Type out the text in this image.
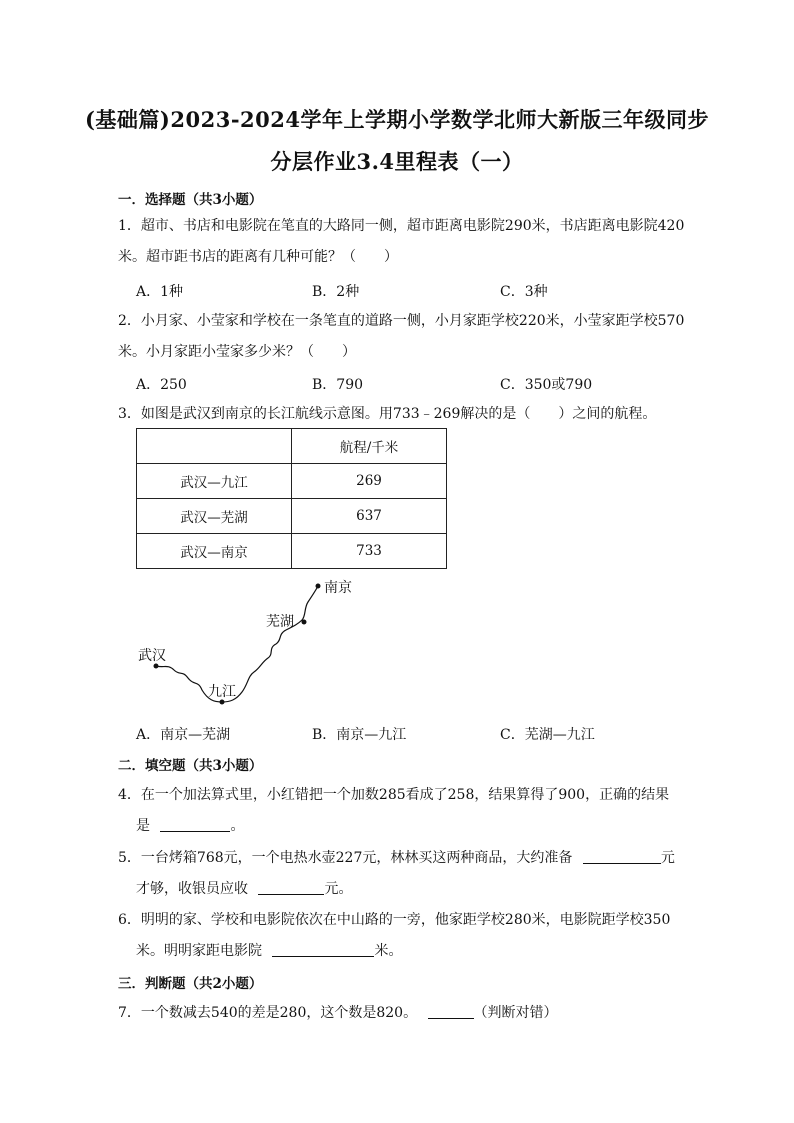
(基础篇)2023-2024学年上学期小学数学北师大新版三年级同步
分层作业3.4里程表（一）
一．选择题（共3小题）
1．超市、书店和电影院在笔直的大路同一侧，超市距离电影院290米，书店距离电影院420
米。超市距书店的距离有几种可能？（　　）
A．1种	B．2种	C．3种
2．小月家、小莹家和学校在一条笔直的道路一侧，小月家距学校220米，小莹家距学校570
米。小月家距小莹家多少米？（　　）
A．250	B．790	C．350或790
3．如图是武汉到南京的长江航线示意图。用733﹣269解决的是（　　）之间的航程。
	航程/千米
武汉—九江	269
武汉—芜湖	637
武汉—南京	733
武汉
九江
芜湖
南京
A．南京—芜湖	B．南京—九江	C．芜湖—九江
二．填空题（共3小题）
4．在一个加法算式里，小红错把一个加数285看成了258，结果算得了900，正确的结果
是	。
5．一台烤箱768元，一个电热水壶227元，林林买这两种商品，大约准备	元
才够，收银员应收	元。
6．明明的家、学校和电影院依次在中山路的一旁，他家距学校280米，电影院距学校350
米。明明家距电影院	米。
三．判断题（共2小题）
7．一个数减去540的差是280，这个数是820。	（判断对错）
